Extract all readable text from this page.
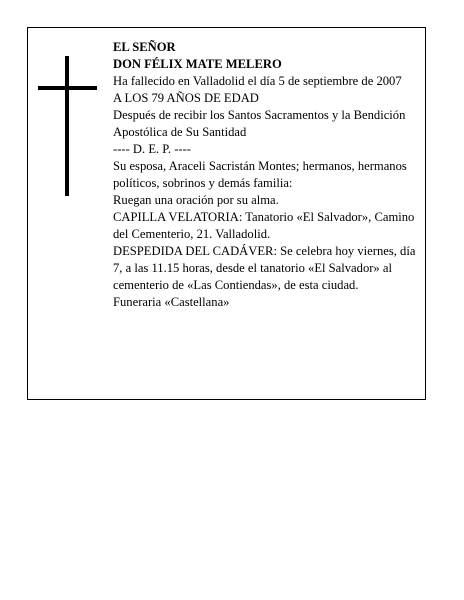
EL SEÑOR
DON FÉLIX MATE MELERO
Ha fallecido en Valladolid el día 5 de septiembre de 2007
A LOS 79 AÑOS DE EDAD
Después de recibir los Santos Sacramentos y la Bendición Apostólica de Su Santidad
---- D. E. P. ----
Su esposa, Araceli Sacristán Montes; hermanos, hermanos políticos, sobrinos y demás familia:
Ruegan una oración por su alma.
CAPILLA VELATORIA: Tanatorio «El Salvador», Camino del Cementerio, 21. Valladolid.
DESPEDIDA DEL CADÁVER: Se celebra hoy viernes, día 7, a las 11.15 horas, desde el tanatorio «El Salvador» al cementerio de «Las Contiendas», de esta ciudad.
Funeraria «Castellana»
